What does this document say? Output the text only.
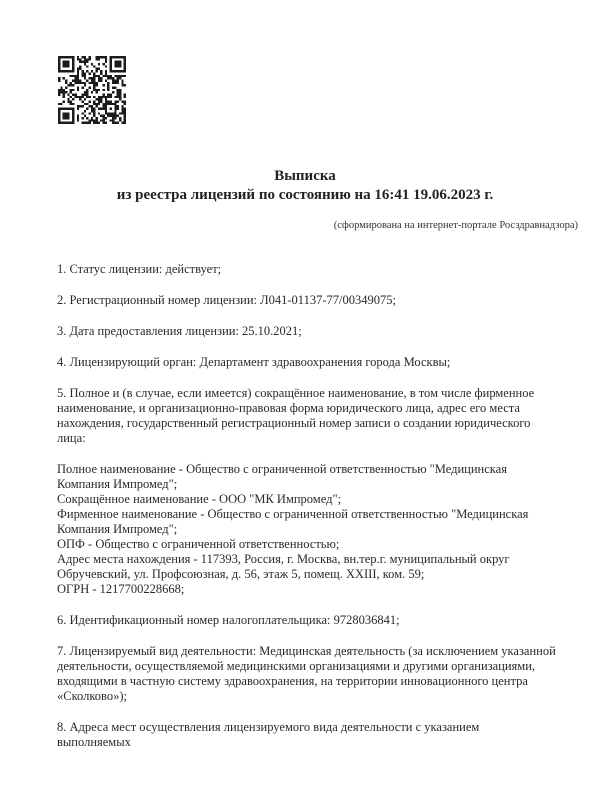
Выписка
из реестра лицензий по состоянию на 16:41 19.06.2023 г.
(сформирована на интернет-портале Росздравнадзора)

1. Статус лицензии: действует;

2. Регистрационный номер лицензии: Л041-01137-77/00349075;

3. Дата предоставления лицензии: 25.10.2021;

4. Лицензирующий орган: Департамент здравоохранения города Москвы;

5. Полное и (в случае, если имеется) сокращённое наименование, в том числе фирменное наименование, и организационно-правовая форма юридического лица, адрес его места нахождения, государственный регистрационный номер записи о создании юридического лица:

Полное наименование - Общество с ограниченной ответственностью "Медицинская Компания Импромед";
Сокращённое наименование - ООО "МК Импромед";
Фирменное наименование - Общество с ограниченной ответственностью "Медицинская Компания Импромед";
ОПФ - Общество с ограниченной ответственностью;
Адрес места нахождения - 117393, Россия, г. Москва, вн.тер.г. муниципальный округ Обручевский, ул. Профсоюзная, д. 56, этаж 5, помещ. XXIII, ком. 59;
ОГРН - 1217700228668;

6. Идентификационный номер налогоплательщика: 9728036841;

7. Лицензируемый вид деятельности: Медицинская деятельность (за исключением указанной деятельности, осуществляемой медицинскими организациями и другими организациями, входящими в частную систему здравоохранения, на территории инновационного центра «Сколково»);

8. Адреса мест осуществления лицензируемого вида деятельности с указанием выполняемых
